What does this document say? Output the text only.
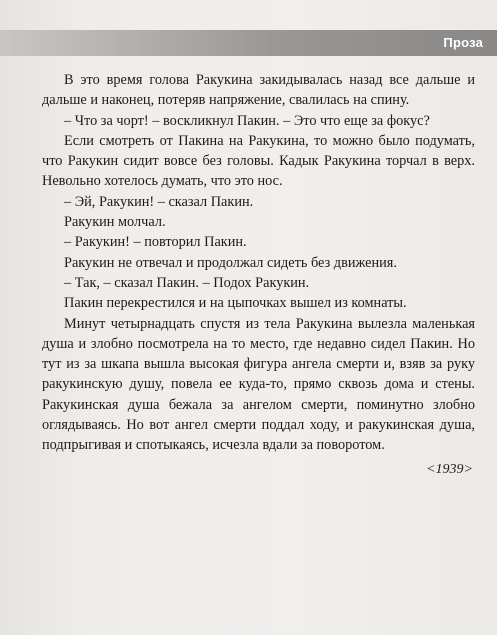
Проза

В это время голова Ракукина закидывалась назад все дальше и дальше и наконец, потеряв напряжение, свалилась на спину.

– Что за чорт! – воскликнул Пакин. – Это что еще за фокус?

Если смотреть от Пакина на Ракукина, то можно было подумать, что Ракукин сидит вовсе без головы. Кадык Ракукина торчал в верх. Невольно хотелось думать, что это нос.

– Эй, Ракукин! – сказал Пакин.

Ракукин молчал.

– Ракукин! – повторил Пакин.

Ракукин не отвечал и продолжал сидеть без движения.

– Так, – сказал Пакин. – Подох Ракукин.

Пакин перекрестился и на цыпочках вышел из комнаты.

Минут четырнадцать спустя из тела Ракукина вылезла маленькая душа и злобно посмотрела на то место, где недавно сидел Пакин. Но тут из за шкапа вышла высокая фигура ангела смерти и, взяв за руку ракукинскую душу, повела ее куда-то, прямо сквозь дома и стены. Ракукинская душа бежала за ангелом смерти, поминутно злобно оглядываясь. Но вот ангел смерти поддал ходу, и ракукинская душа, подпрыгивая и спотыкаясь, исчезла вдали за поворотом.

<1939>
